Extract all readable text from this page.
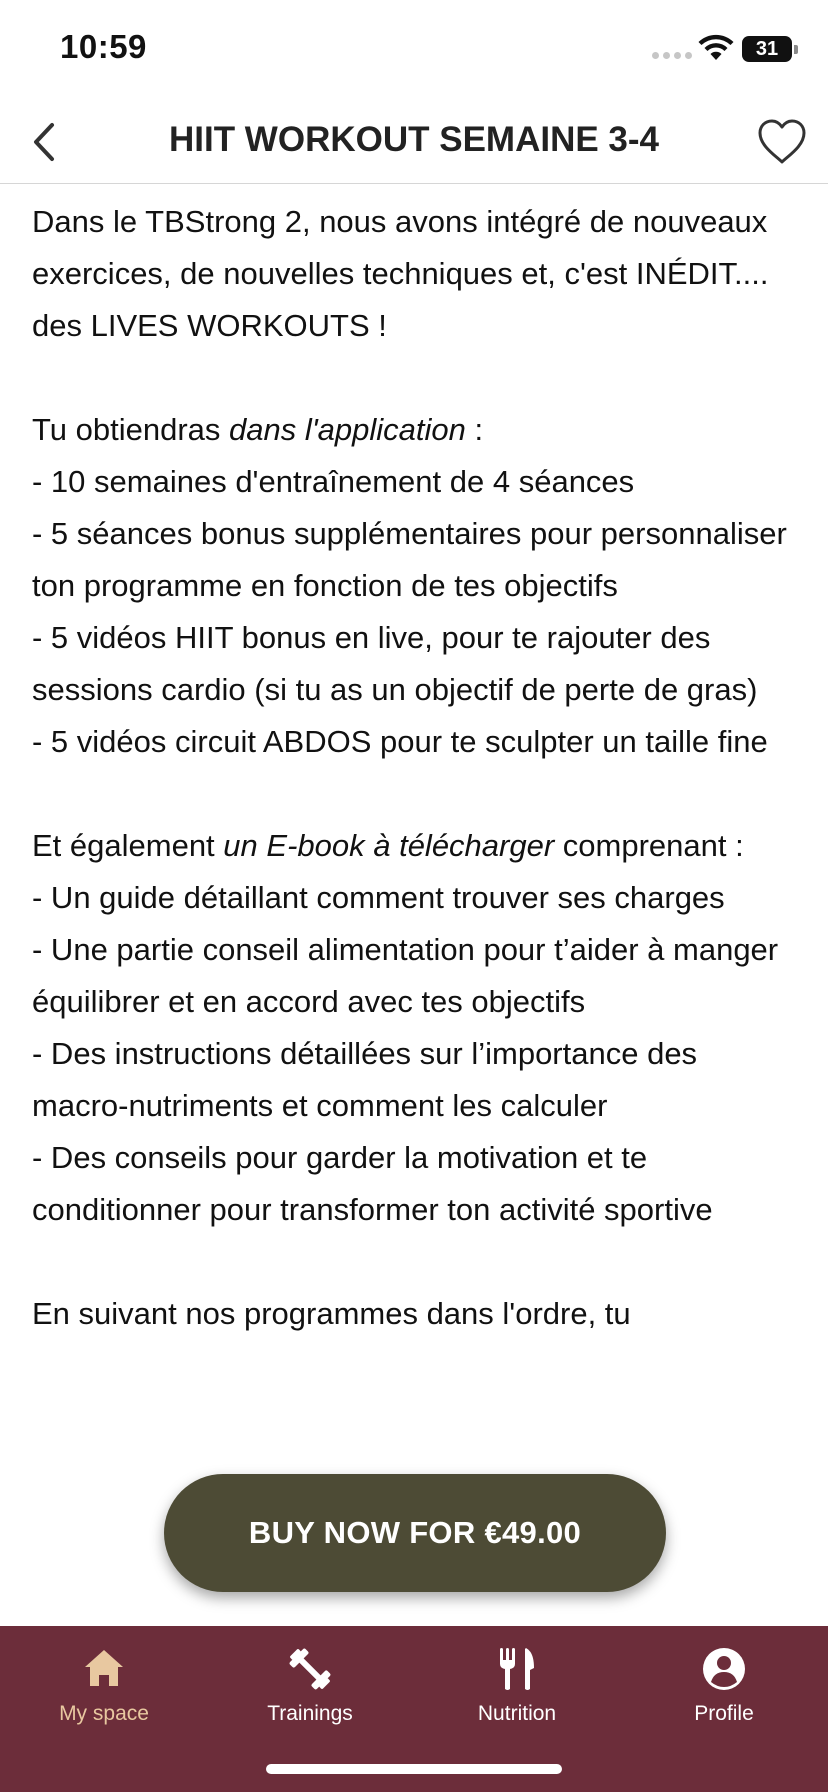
10:59	31
HIIT WORKOUT SEMAINE 3-4

Dans le TBStrong 2, nous avons intégré de nouveaux exercices, de nouvelles techniques et, c'est INÉDIT.... des LIVES WORKOUTS !

Tu obtiendras dans l'application :

- 10 semaines d'entraînement de 4 séances

- 5 séances bonus supplémentaires pour personnaliser ton programme en fonction de tes objectifs

- 5 vidéos HIIT bonus en live, pour te rajouter des sessions cardio (si tu as un objectif de perte de gras)

- 5 vidéos circuit ABDOS pour te sculpter un taille fine

Et également un E-book à télécharger comprenant :

- Un guide détaillant comment trouver ses charges

- Une partie conseil alimentation pour t’aider à manger équilibrer et en accord avec tes objectifs

- Des instructions détaillées sur l’importance des macro-nutriments et comment les calculer

- Des conseils pour garder la motivation et te conditionner pour transformer ton activité sportive

En suivant nos programmes dans l'ordre, tu

BUY NOW FOR €49.00
My space	Trainings	Nutrition	Profile
